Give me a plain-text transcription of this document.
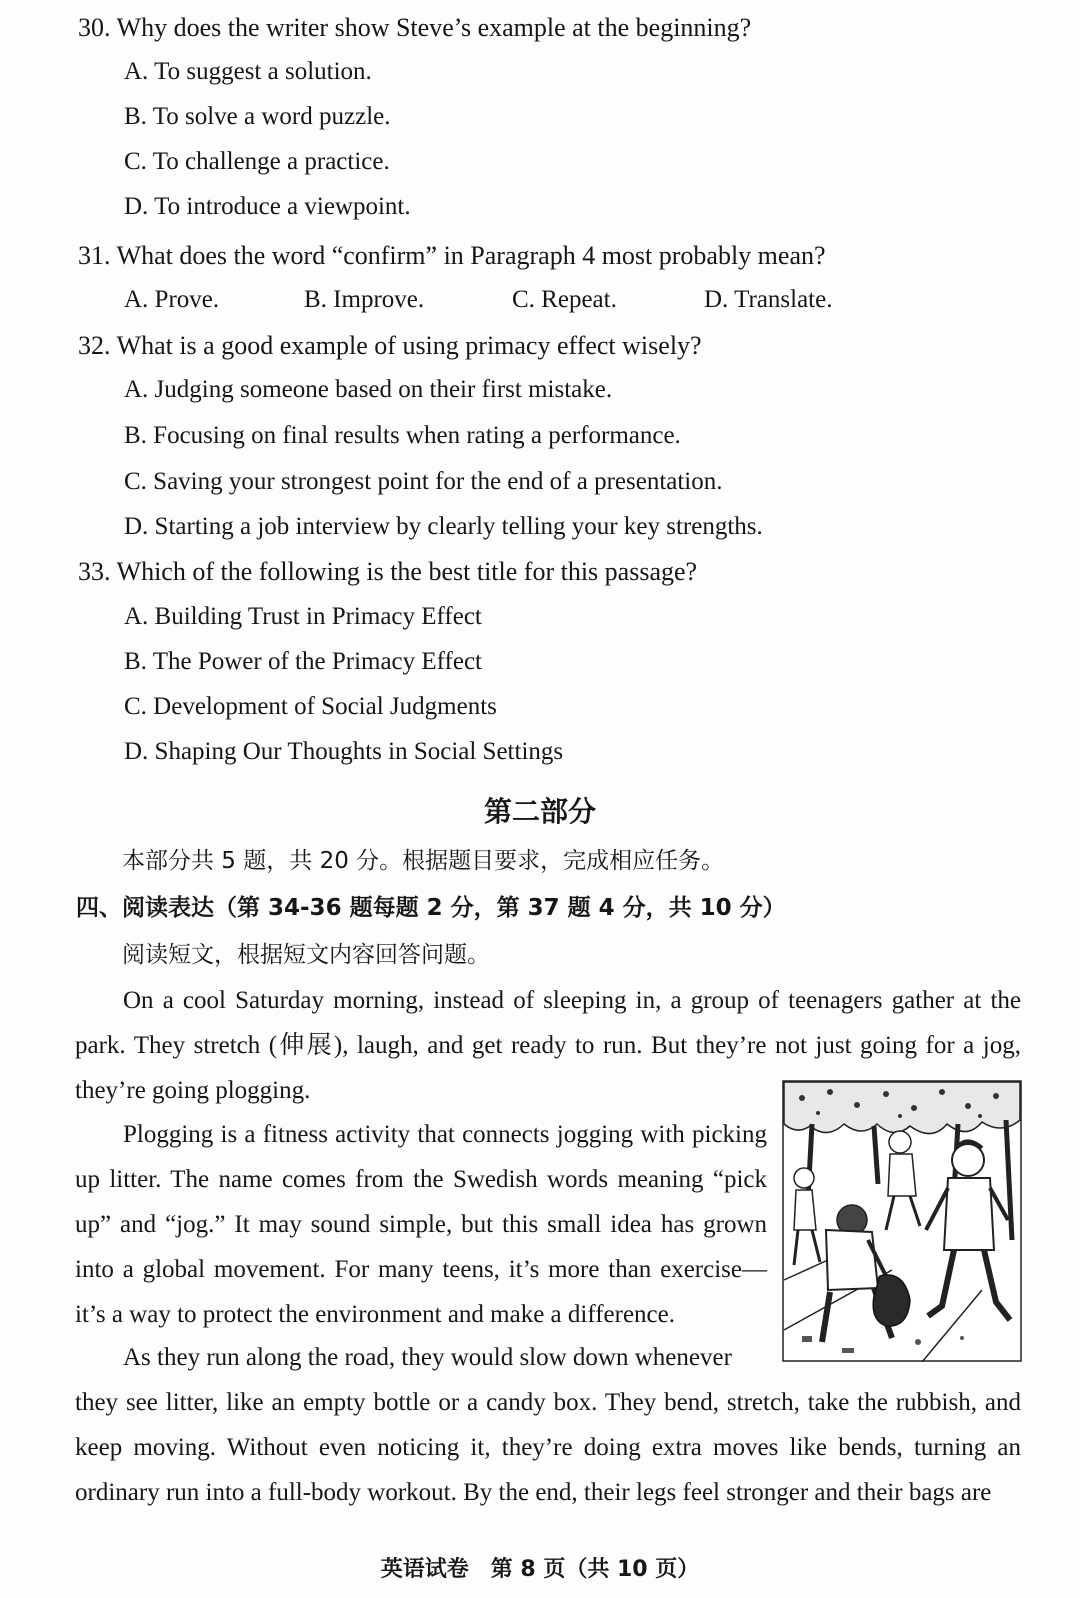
30. Why does the writer show Steve’s example at the beginning?
A. To suggest a solution.
B. To solve a word puzzle.
C. To challenge a practice.
D. To introduce a viewpoint.
31. What does the word “confirm” in Paragraph 4 most probably mean?
A. Prove.	B. Improve.	C. Repeat.	D. Translate.
32. What is a good example of using primacy effect wisely?
A. Judging someone based on their first mistake.
B. Focusing on final results when rating a performance.
C. Saving your strongest point for the end of a presentation.
D. Starting a job interview by clearly telling your key strengths.
33. Which of the following is the best title for this passage?
A. Building Trust in Primacy Effect
B. The Power of the Primacy Effect
C. Development of Social Judgments
D. Shaping Our Thoughts in Social Settings
第二部分
本部分共 5 题，共 20 分。根据题目要求，完成相应任务。
四、阅读表达（第 34-36 题每题 2 分，第 37 题 4 分，共 10 分）
阅读短文，根据短文内容回答问题。
On a cool Saturday morning, instead of sleeping in, a group of teenagers gather at the park. They stretch (伸展), laugh, and get ready to run. But they’re not just going for a jog, they’re going plogging.
Plogging is a fitness activity that connects jogging with picking up litter. The name comes from the Swedish words meaning “pick up” and “jog.” It may sound simple, but this small idea has grown into a global movement. For many teens, it’s more than exercise—it’s a way to protect the environment and make a difference.
As they run along the road, they would slow down whenever
they see litter, like an empty bottle or a candy box. They bend, stretch, take the rubbish, and keep moving. Without even noticing it, they’re doing extra moves like bends, turning an ordinary run into a full-body workout. By the end, their legs feel stronger and their bags are
英语试卷　第 8 页（共 10 页）
